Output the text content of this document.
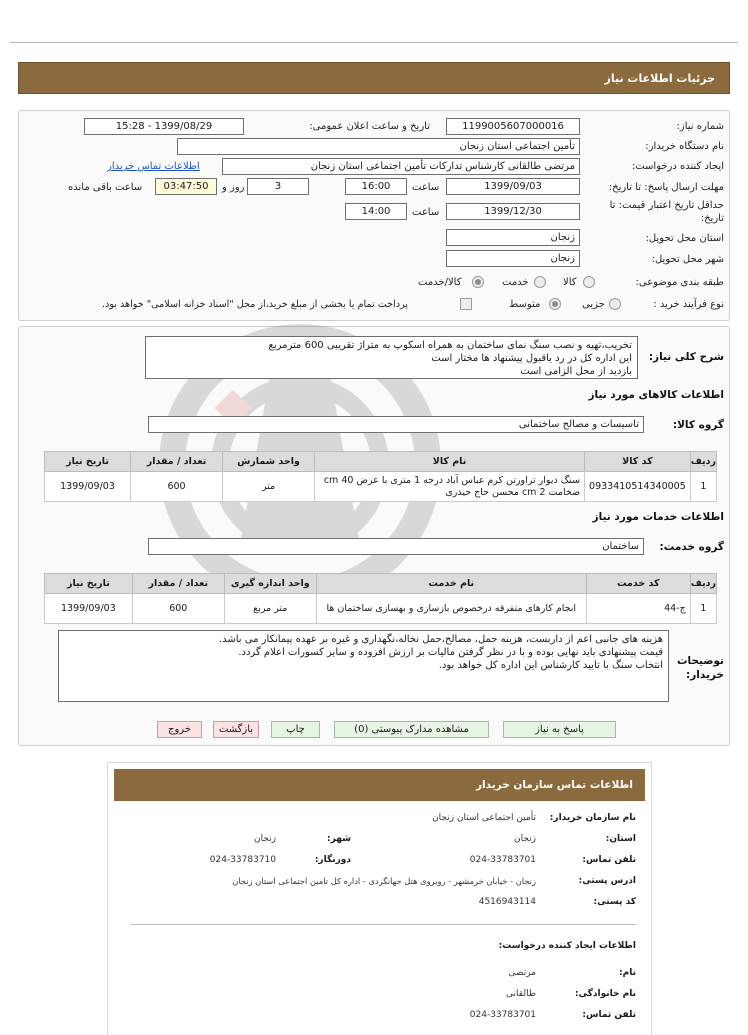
جزئیات اطلاعات نیاز
شماره نیاز:
1199005607000016
تاریخ و ساعت اعلان عمومی:
1399/08/29 - 15:28
نام دستگاه خریدار:
تأمین اجتماعی استان زنجان
ایجاد کننده درخواست:
مرتضی طالقانی کارشناس تدارکات تأمین اجتماعی استان زنجان
اطلاعات تماس خریدار
مهلت ارسال پاسخ: تا تاریخ:
1399/09/03
ساعت
16:00
3
روز و
03:47:50
ساعت باقی مانده
حداقل تاریخ اعتبار قیمت: تا
تاریخ:
1399/12/30
ساعت
14:00
استان محل تحویل:
زنجان
شهر محل تحویل:
زنجان
طبقه بندی موضوعی:
کالا
خدمت
کالا/خدمت
نوع فرآیند خرید :
جزیی
متوسط
پرداخت تمام یا بخشی از مبلغ خرید،از محل "اسناد خزانه اسلامی" خواهد بود.
شرح کلی نیاز:
تخریب،تهیه و نصب سنگ نمای ساختمان به همراه اسکوپ به متراژ تقریبی 600 مترمربع
این اداره کل در رد یاقبول پیشنهاد ها مختار است
بازدید از محل الزامی است
اطلاعات کالاهای مورد نیاز
گروه کالا:
تاسیسات و مصالح ساختمانی
ردیف	کد کالا	نام کالا	واحد شمارش	تعداد / مقدار	تاریخ نیاز
1	0933410514340005	سنگ دیوار تراورتن کرم عباس آباد درجه 1 متری با عرض 40 cm ضخامت 2 cm محسن حاج حیدری	متر	600	1399/09/03
اطلاعات خدمات مورد نیاز
گروه خدمت:
ساختمان
ردیف	کد خدمت	نام خدمت	واحد اندازه گیری	تعداد / مقدار	تاریخ نیاز
1	ج-44	انجام کارهای متفرقه درخصوص بازسازی و بهسازی ساختمان ها	متر مربع	600	1399/09/03
توضیحات
خریدار:
هزینه های جانبی اعم از داربست، هزینه حمل، مصالح،حمل نخاله،نگهداری و غیره بر عهده پیمانکار می باشد.
قیمت پیشنهادی باید نهایی بوده و با در نظر گرفتن مالیات بر ارزش افزوده و سایر کسورات اعلام گردد.
انتخاب سنگ با تایید کارشناس این اداره کل خواهد بود.
پاسخ به نیاز
مشاهده مدارک پیوستی (0)
چاپ
بازگشت
خروج
اطلاعات تماس سازمان خریدار
نام سازمان خریدار:
تأمین اجتماعی استان زنجان
استان:
زنجان
شهر:
زنجان
تلفن تماس:
024-33783701
دورنگار:
024-33783710
ادرس پستی:
زنجان - خیابان خرمشهر - روبروی هتل جهانگردی - اداره کل تامین اجتماعی استان زنجان
کد پستی:
4516943114
اطلاعات ایجاد کننده درخواست:
نام:
مرتضی
نام خانوادگی:
طالقانی
تلفن تماس:
024-33783701
